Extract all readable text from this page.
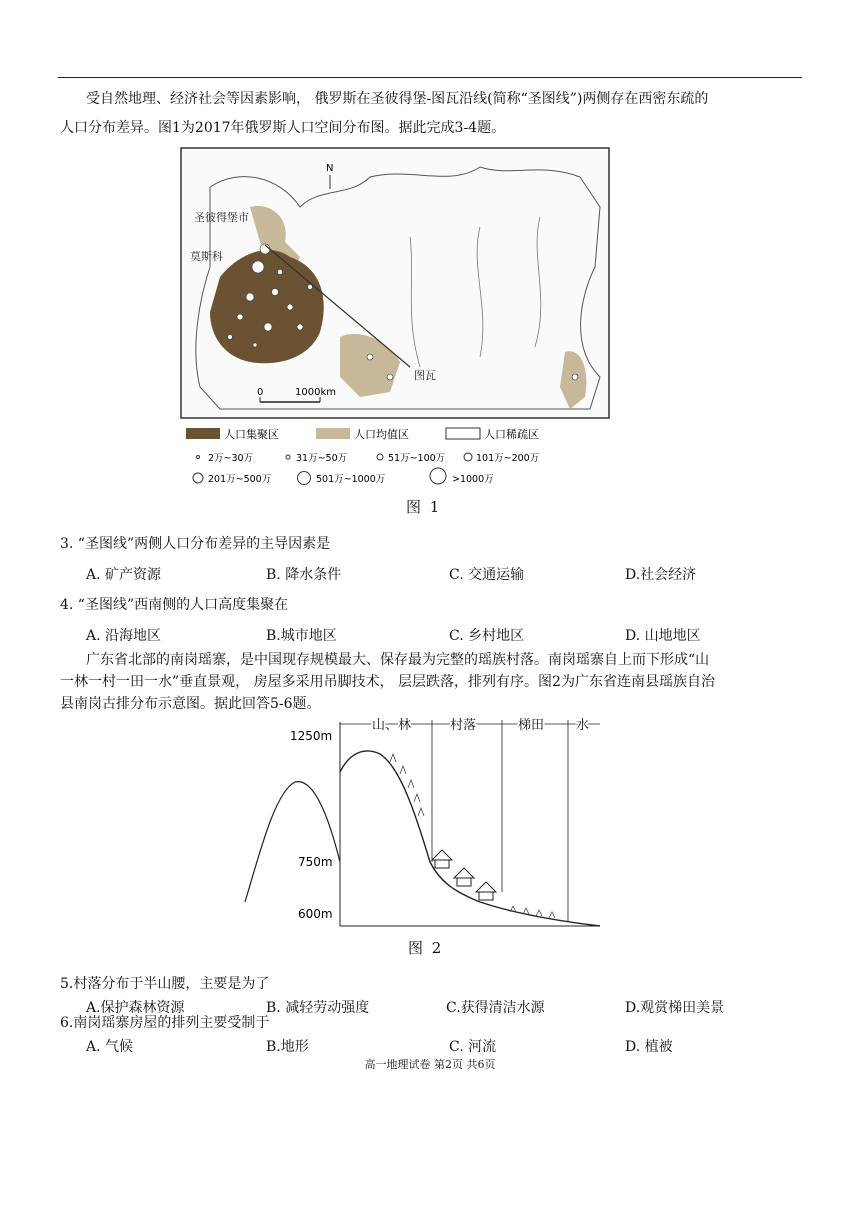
受自然地理、经济社会等因素影响， 俄罗斯在圣彼得堡-图瓦沿线(简称“圣图线”)两侧存在西密东疏的
人口分布差异。图1为2017年俄罗斯人口空间分布图。据此完成3-4题。
N
圣彼得堡市
莫斯科
图瓦
0	1000km
人口集聚区	人口均值区	人口稀疏区
2万~30万	31万~50万	51万~100万	101万~200万
201万~500万	501万~1000万	>1000万
图 1
3. “圣图线”两侧人口分布差异的主导因素是
A. 矿产资源	B. 降水条件	C. 交通运输	D.社会经济
4. “圣图线”西南侧的人口高度集聚在
A. 沿海地区	B.城市地区	C. 乡村地区	D. 山地地区
广东省北部的南岗瑶寨，是中国现存规模最大、保存最为完整的瑶族村落。南岗瑶寨自上而下形成“山
一林一村一田一水”垂直景观， 房屋多采用吊脚技术， 层层跌落，排列有序。图2为广东省连南县瑶族自治
县南岗古排分布示意图。据此回答5-6题。
山、林	村落	梯田 水
1250m
750m
600m
图 2
5.村落分布于半山腰，主要是为了
A.保护森林资源	B. 减轻劳动强度	C.获得清洁水源	D.观赏梯田美景
6.南岗瑶寨房屋的排列主要受制于
A. 气候	B.地形	C. 河流	D. 植被
高一地理试卷 第2页 共6页
